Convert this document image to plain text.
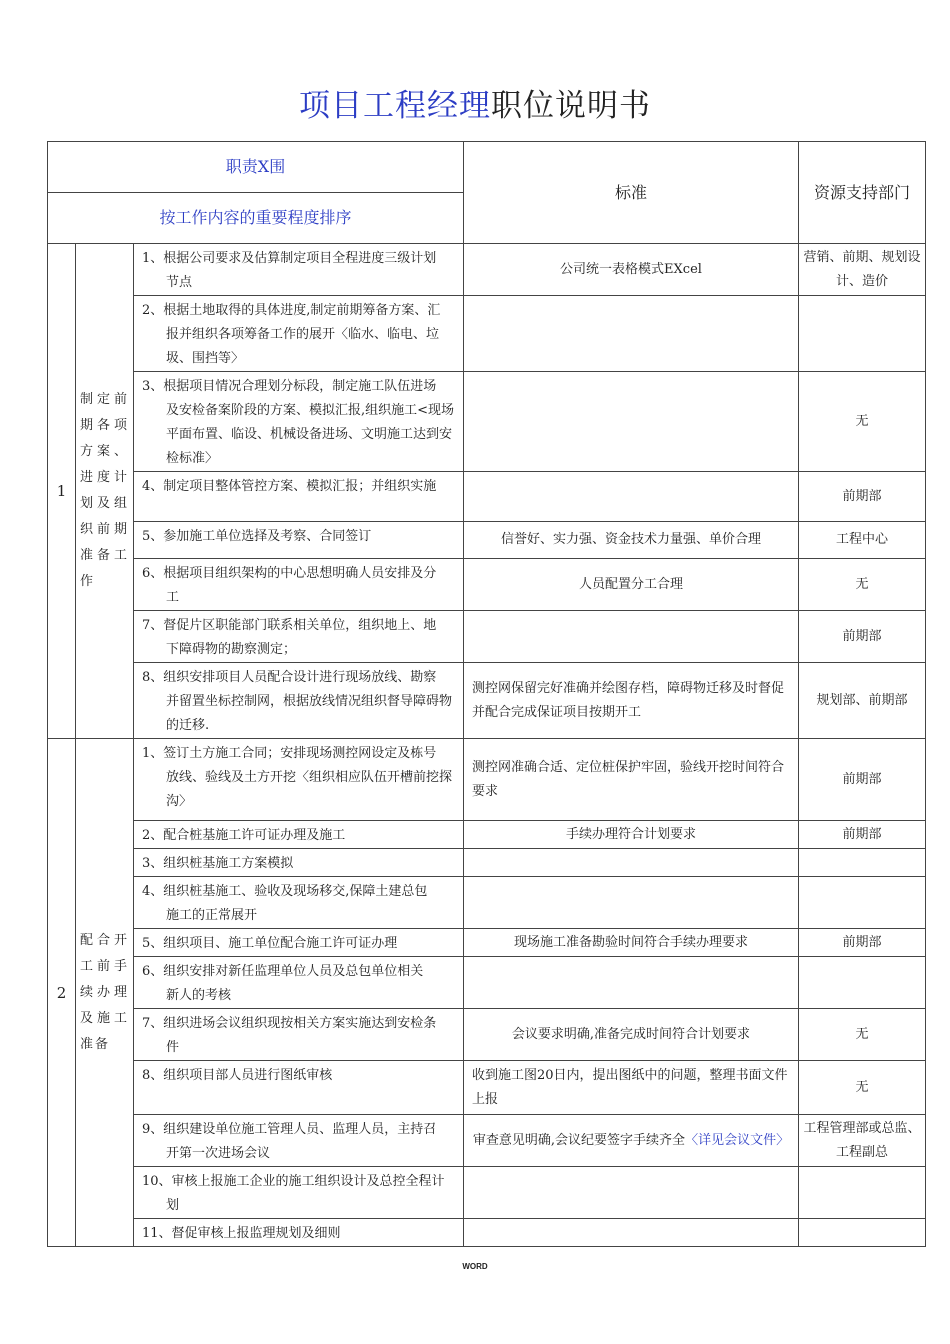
项目工程经理职位说明书
职责X围			标准	资源支持部门
按工作内容的重要程度排序				
1	制定前期各项方案、进度计划及组织前期准备工作	1、根据公司要求及估算制定项目全程进度三级计划
节点	公司统一表格模式EXcel	营销、前期、规划设计、造价

		2、根据土地取得的具体进度,制定前期筹备方案、汇
报并组织各项筹备工作的展开〈临水、临电、垃圾、围挡等〉		

		3、根据项目情况合理划分标段，制定施工队伍进场
及安检备案阶段的方案、模拟汇报,组织施工<现场平面布置、临设、机械设备进场、文明施工达到安检标准〉		无

		4、制定项目整体管控方案、模拟汇报；并组织实施		前期部

		5、参加施工单位选择及考察、合同签订	信誉好、实力强、资金技术力量强、单价合理	工程中心

		6、根据项目组织架构的中心思想明确人员安排及分
工	人员配置分工合理	无

		7、督促片区职能部门联系相关单位，组织地上、地
下障碍物的勘察测定；		前期部

		8、组织安排项目人员配合设计进行现场放线、勘察
并留置坐标控制网，根据放线情况组织督导障碍物的迁移.	测控网保留完好准确并绘图存档，障碍物迁移及时督促并配合完成保证项目按期开工	规划部、前期部
2	配合开工前手续办理及施工准备	1、签订土方施工合同；安排现场测控网设定及栋号
放线、验线及土方开挖〈组织相应队伍开槽前挖探沟〉	测控网准确合适、定位桩保护牢固，验线开挖时间符合要求	前期部

		2、配合桩基施工许可证办理及施工	手续办理符合计划要求	前期部

		3、组织桩基施工方案模拟		

		4、组织桩基施工、验收及现场移交,保障土建总包
施工的正常展开		

		5、组织项目、施工单位配合施工许可证办理	现场施工准备勘验时间符合手续办理要求	前期部

		6、组织安排对新任监理单位人员及总包单位相关
新人的考核		

		7、组织进场会议组织现按相关方案实施达到安检条
件	会议要求明确,准备完成时间符合计划要求	无

		8、组织项目部人员进行图纸审核	收到施工图20日内，提出图纸中的问题，整理书面文件上报	无

		9、组织建设单位施工管理人员、监理人员，主持召
开第一次进场会议	审查意见明确,会议纪要签字手续齐全〈详见会议文件〉	工程管理部或总监、工程副总

		10、审核上报施工企业的施工组织设计及总控全程计
划		

		11、督促审核上报监理规划及细则		

WORD
